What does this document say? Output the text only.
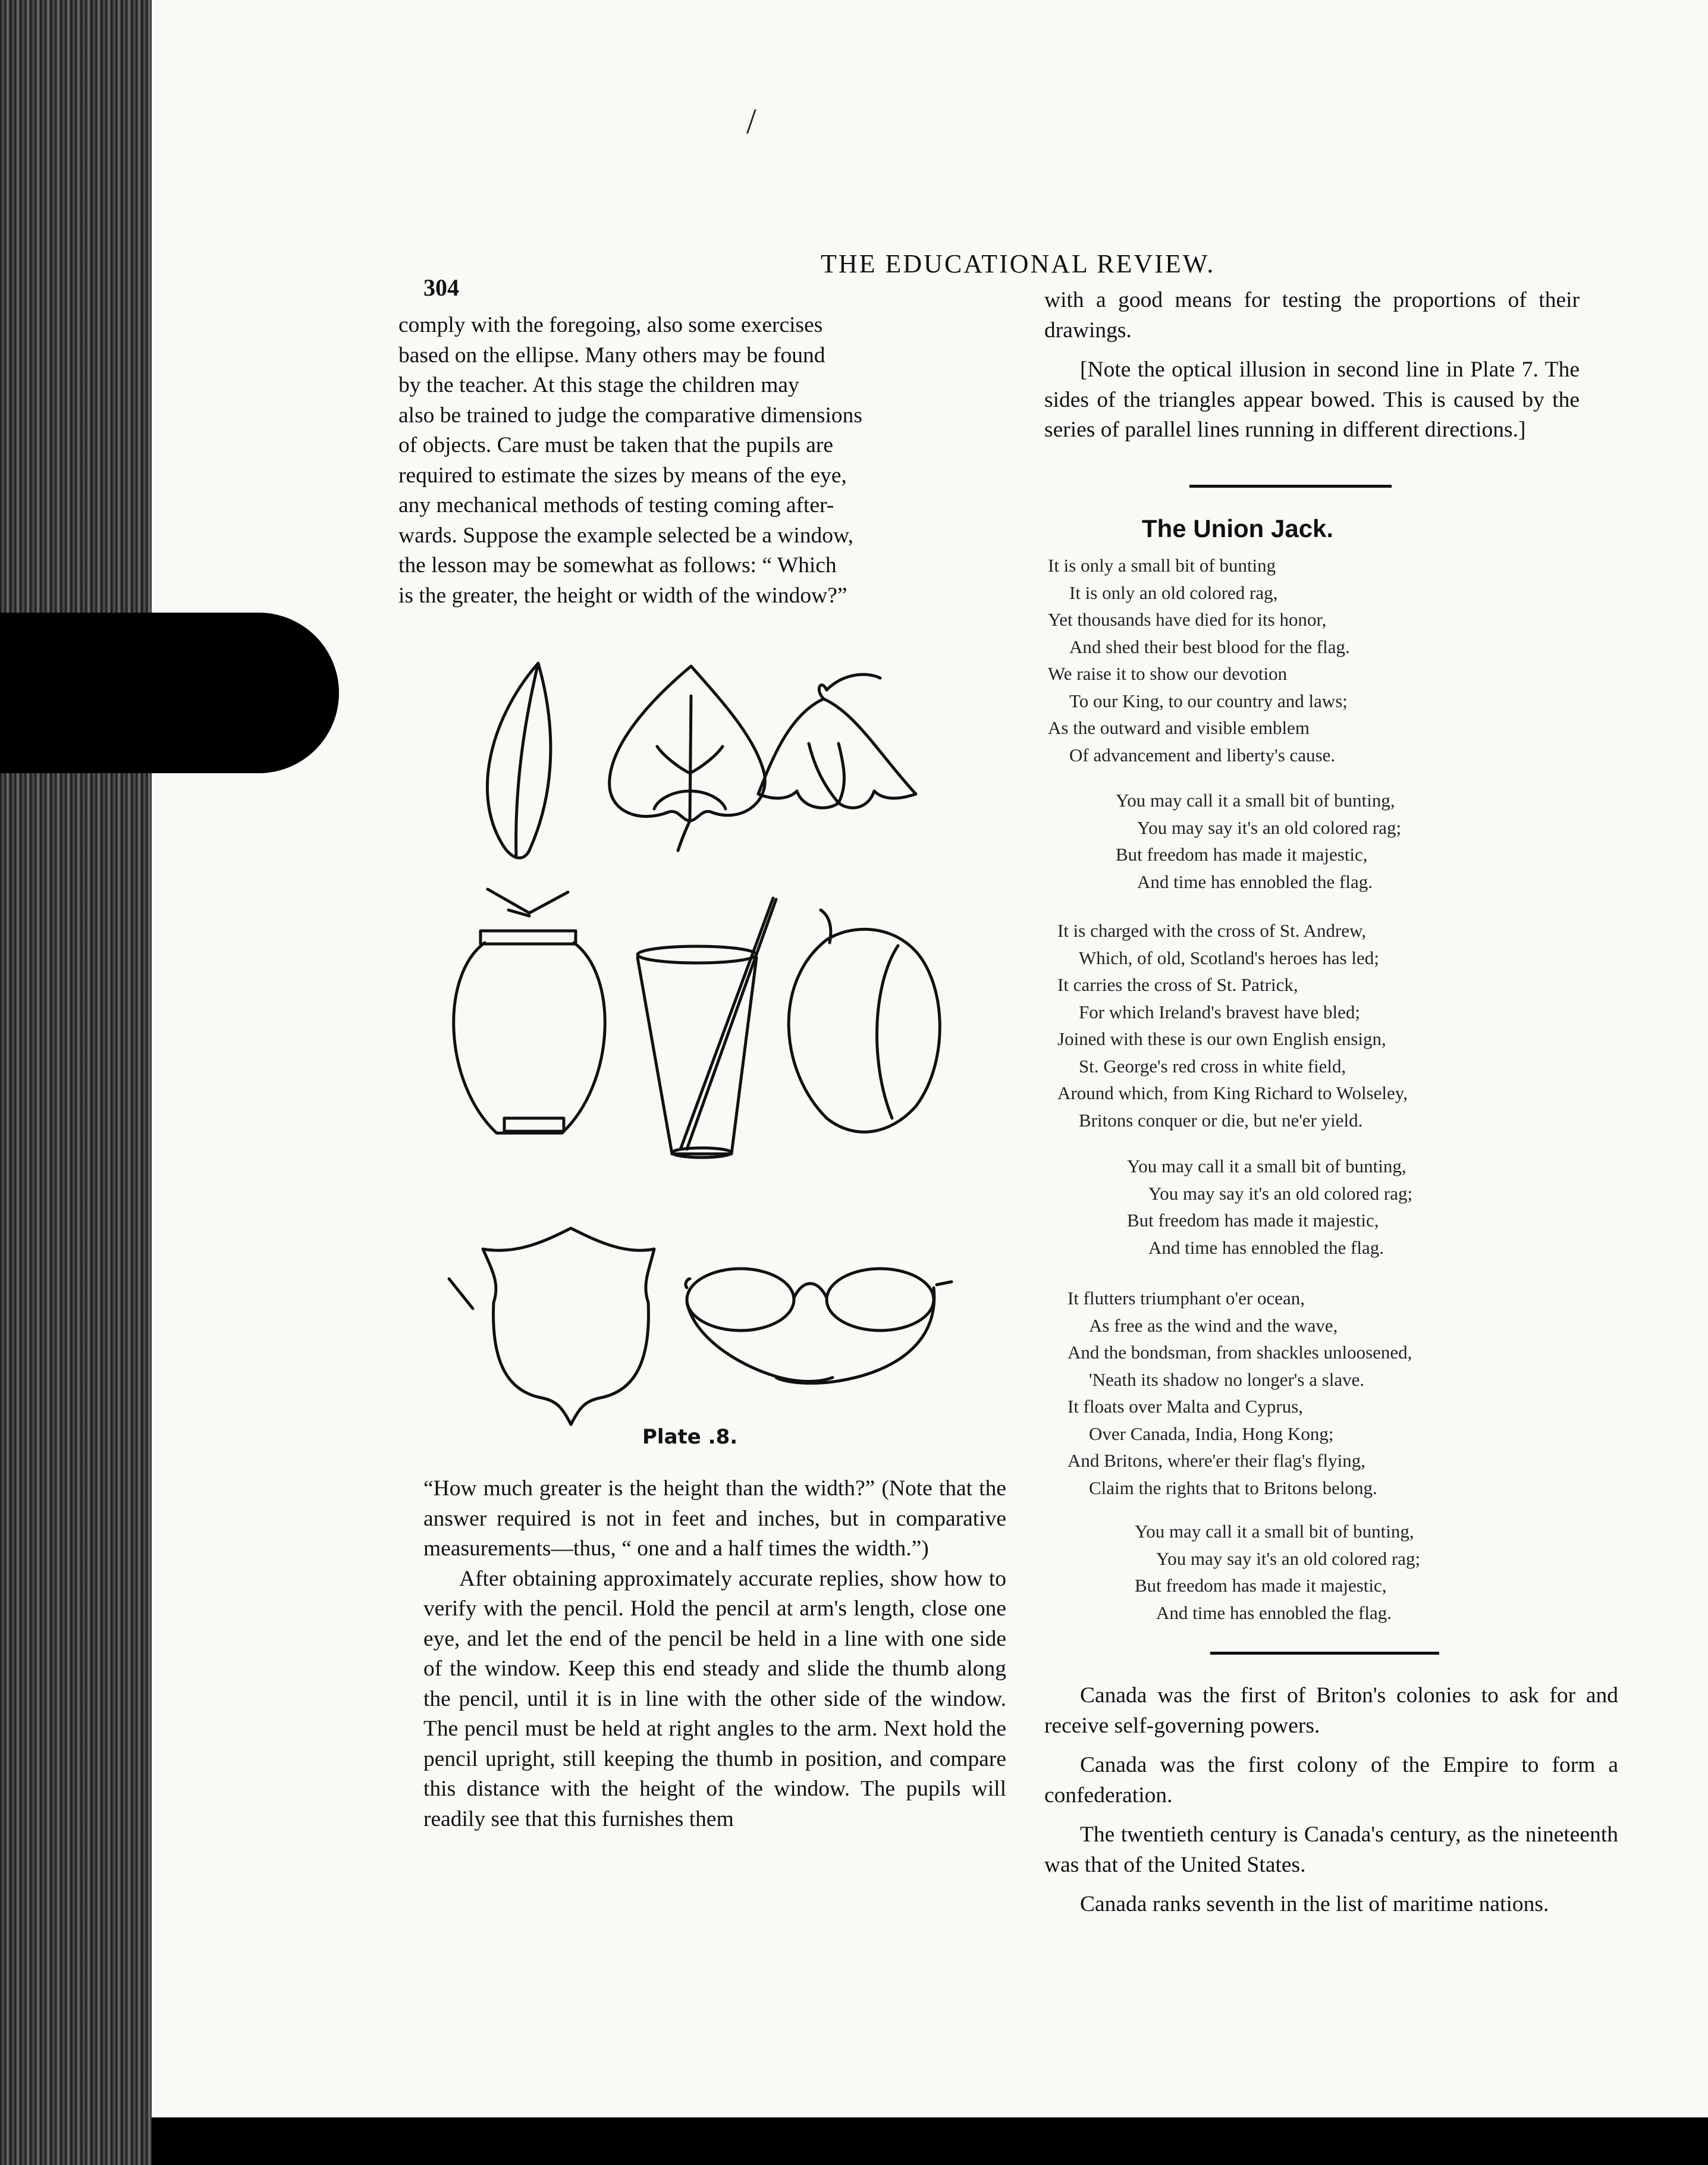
/
304
THE EDUCATIONAL REVIEW.

comply with the foregoing, also some exercises

based on the ellipse. Many others may be found

by the teacher. At this stage the children may

also be trained to judge the comparative dimensions

of objects. Care must be taken that the pupils are

required to estimate the sizes by means of the eye,

any mechanical methods of testing coming after-

wards. Suppose the example selected be a window,

the lesson may be somewhat as follows: “ Which

is the greater, the height or width of the window?”

Plate .8.

“How much greater is the height than the width?” (Note that the answer required is not in feet and inches, but in comparative measurements—thus, “ one and a half times the width.”)

After obtaining approximately accurate replies, show how to verify with the pencil. Hold the pencil at arm's length, close one eye, and let the end of the pencil be held in a line with one side of the window. Keep this end steady and slide the thumb along the pencil, until it is in line with the other side of the window. The pencil must be held at right angles to the arm. Next hold the pencil upright, still keeping the thumb in position, and compare this distance with the height of the window. The pupils will readily see that this furnishes them

with a good means for testing the proportions of their drawings.

[Note the optical illusion in second line in Plate 7. The sides of the triangles appear bowed. This is caused by the series of parallel lines running in different directions.]

The Union Jack.
It is only a small bit of bunting
It is only an old colored rag,
Yet thousands have died for its honor,
And shed their best blood for the flag.
We raise it to show our devotion
To our King, to our country and laws;
As the outward and visible emblem
Of advancement and liberty's cause.
You may call it a small bit of bunting,
You may say it's an old colored rag;
But freedom has made it majestic,
And time has ennobled the flag.
It is charged with the cross of St. Andrew,
Which, of old, Scotland's heroes has led;
It carries the cross of St. Patrick,
For which Ireland's bravest have bled;
Joined with these is our own English ensign,
St. George's red cross in white field,
Around which, from King Richard to Wolseley,
Britons conquer or die, but ne'er yield.
You may call it a small bit of bunting,
You may say it's an old colored rag;
But freedom has made it majestic,
And time has ennobled the flag.
It flutters triumphant o'er ocean,
As free as the wind and the wave,
And the bondsman, from shackles unloosened,
'Neath its shadow no longer's a slave.
It floats over Malta and Cyprus,
Over Canada, India, Hong Kong;
And Britons, where'er their flag's flying,
Claim the rights that to Britons belong.
You may call it a small bit of bunting,
You may say it's an old colored rag;
But freedom has made it majestic,
And time has ennobled the flag.

Canada was the first of Briton's colonies to ask for and receive self-governing powers.

Canada was the first colony of the Empire to form a confederation.

The twentieth century is Canada's century, as the nineteenth was that of the United States.

Canada ranks seventh in the list of maritime nations.
